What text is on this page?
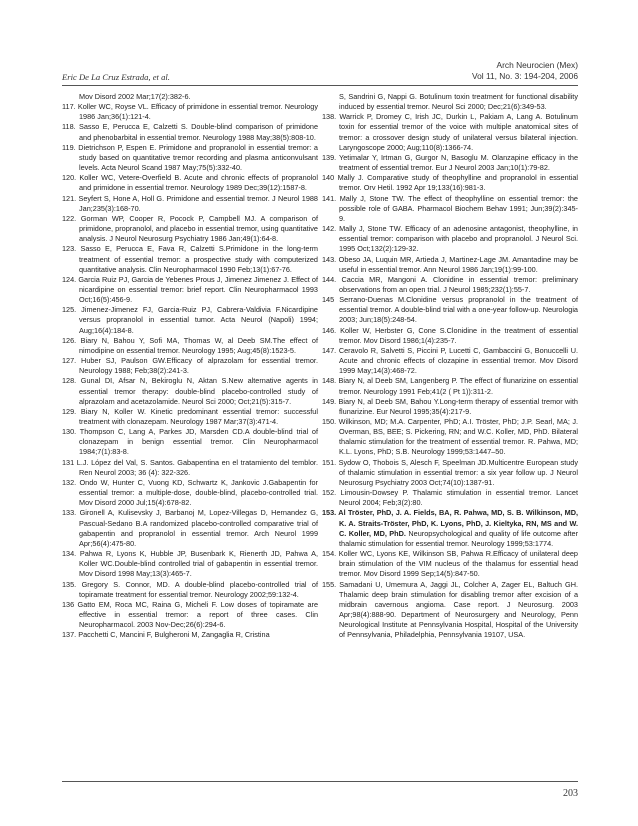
Eric De La Cruz Estrada, et al.
Arch Neurocien (Mex)
Vol 11, No. 3: 194-204, 2006

Mov Disord 2002 Mar;17(2):382-6.

117. Koller WC, Royse VL. Efficacy of primidone in essential tremor. Neurology 1986 Jan;36(1):121-4.

118. Sasso E, Perucca E, Calzetti S. Double-blind comparison of primidone and phenobarbital in essential tremor. Neurology 1988 May;38(5):808-10.

119. Dietrichson P, Espen E. Primidone and propranolol in essential tremor: a study based on quantitative tremor recording and plasma anticonvulsant levels. Acta Neurol Scand 1987 May;75(5):332-40.

120. Koller WC, Vetere-Overfield B. Acute and chronic effects of propranolol and primidone in essential tremor. Neurology 1989 Dec;39(12):1587-8.

121. Seyfert S, Hone A, Holl G. Primidone and essential tremor. J Neurol 1988 Jan;235(3):168-70.

122. Gorman WP, Cooper R, Pocock P, Campbell MJ. A comparison of primidone, propranolol, and placebo in essential tremor, using quantitative analysis. J Neurol Neurosurg Psychiatry 1986 Jan;49(1):64-8.

123. Sasso E, Perucca E, Fava R, Calzetti S.Primidone in the long-term treatment of essential tremor: a prospective study with computerized quantitative analysis. Clin Neuropharmacol 1990 Feb;13(1):67-76.

124. Garcia Ruiz PJ, Garcia de Yebenes Prous J, Jimenez Jimenez J. Effect of nicardipine on essential tremor: brief report. Clin Neuropharmacol 1993 Oct;16(5):456-9.

125. Jimenez-Jimenez FJ, Garcia-Ruiz PJ, Cabrera-Valdivia F.Nicardipine versus propranolol in essential tumor. Acta Neurol (Napoli) 1994; Aug;16(4):184-8.

126. Biary N, Bahou Y, Sofi MA, Thomas W, al Deeb SM.The effect of nimodipine on essential tremor. Neurology 1995; Aug;45(8):1523-5.

127. Huber SJ, Paulson GW.Efficacy of alprazolam for essential tremor. Neurology 1988; Feb;38(2):241-3.

128. Gunal DI, Afsar N, Bekiroglu N, Aktan S.New alternative agents in essential tremor therapy: double-blind placebo-controlled study of alprazolam and acetazolamide. Neurol Sci 2000; Oct;21(5):315-7.

129. Biary N, Koller W. Kinetic predominant essential tremor: successful treatment with clonazepam. Neurology 1987 Mar;37(3):471-4.

130. Thompson C, Lang A, Parkes JD, Marsden CD.A double-blind trial of clonazepam in benign essential tremor. Clin Neuropharmacol 1984;7(1):83-8.

131 L.J. López del Val, S. Santos. Gabapentina en el tratamiento del temblor. Ren Neurol 2003; 36 (4): 322-326.

132. Ondo W, Hunter C, Vuong KD, Schwartz K, Jankovic J.Gabapentin for essential tremor: a multiple-dose, double-blind, placebo-controlled trial. Mov Disord 2000 Jul;15(4):678-82.

133. Gironell A, Kulisevsky J, Barbanoj M, Lopez-Villegas D, Hernandez G, Pascual-Sedano B.A randomized placebo-controlled comparative trial of gabapentin and propranolol in essential tremor. Arch Neurol 1999 Apr;56(4):475-80.

134. Pahwa R, Lyons K, Hubble JP, Busenbark K, Rienerth JD, Pahwa A, Koller WC.Double-blind controlled trial of gabapentin in essential tremor. Mov Disord 1998 May;13(3):465-7.

135. Gregory S. Connor, MD. A double-blind placebo-controlled trial of topiramate treatment for essential tremor. Neurology 2002;59:132-4.

136 Gatto EM, Roca MC, Raina G, Micheli F. Low doses of topiramate are effective in essential tremor: a report of three cases. Clin Neuropharmacol. 2003 Nov-Dec;26(6):294-6.

137. Pacchetti C, Mancini F, Bulgheroni M, Zangaglia R, Cristina

S, Sandrini G, Nappi G. Botulinum toxin treatment for functional disability induced by essential tremor. Neurol Sci 2000; Dec;21(6):349-53.

138. Warrick P, Dromey C, Irish JC, Durkin L, Pakiam A, Lang A. Botulinum toxin for essential tremor of the voice with multiple anatomical sites of tremor: a crossover design study of unilateral versus bilateral injection. Laryngoscope 2000; Aug;110(8):1366-74.

139. Yetimalar Y, Irtman G, Gurgor N, Basoglu M. Olanzapine efficacy in the treatment of essential tremor. Eur J Neurol 2003 Jan;10(1):79-82.

140 Mally J. Comparative study of theophylline and propranolol in essential tremor. Orv Hetil. 1992 Apr 19;133(16):981-3.

141. Mally J, Stone TW. The effect of theophylline on essential tremor: the possible role of GABA. Pharmacol Biochem Behav 1991; Jun;39(2):345-9.

142. Mally J, Stone TW. Efficacy of an adenosine antagonist, theophylline, in essential tremor: comparison with placebo and propranolol. J Neurol Sci. 1995 Oct;132(2):129-32.

143. Obeso JA, Luquin MR, Artieda J, Martinez-Lage JM. Amantadine may be useful in essential tremor. Ann Neurol 1986 Jan;19(1):99-100.

144. Caccia MR, Mangoni A. Clonidine in essential tremor: preliminary observations from an open trial. J Neurol 1985;232(1):55-7.

145 Serrano-Duenas M.Clonidine versus propranolol in the treatment of essential tremor. A double-blind trial with a one-year follow-up. Neurologia 2003; Jun;18(5):248-54.

146. Koller W, Herbster G, Cone S.Clonidine in the treatment of essential tremor. Mov Disord 1986;1(4):235-7.

147. Ceravolo R, Salvetti S, Piccini P, Lucetti C, Gambaccini G, Bonuccelli U. Acute and chronic effects of clozapine in essential tremor. Mov Disord 1999 May;14(3):468-72.

148. Biary N, al Deeb SM, Langenberg P. The effect of flunarizine on essential tremor. Neurology 1991 Feb;41(2 ( Pt 1)):311-2.

149. Biary N, al Deeb SM, Bahou Y.Long-term therapy of essential tremor with flunarizine. Eur Neurol 1995;35(4):217-9.

150. Wilkinson, MD; M.A. Carpenter, PhD; A.I. Tröster, PhD; J.P. Searl, MA; J. Overman, BS, BEE; S. Pickering, RN; and W.C. Koller, MD, PhD. Bilateral thalamic stimulation for the treatment of essential tremor. R. Pahwa, MD; K.L. Lyons, PhD; S.B. Neurology 1999;53:1447–50.

151. Sydow O, Thobois S, Alesch F, Speelman JD.Multicentre European study of thalamic stimulation in essential tremor: a six year follow up. J Neurol Neurosurg Psychiatry 2003 Oct;74(10):1387-91.

152. Limousin-Dowsey P. Thalamic stimulation in essential tremor. Lancet Neurol 2004; Feb;3(2):80.

153. Al Tröster, PhD, J. A. Fields, BA, R. Pahwa, MD, S. B. Wilkinson, MD, K. A. Straits-Tröster, PhD, K. Lyons, PhD, J. Kieltyka, RN, MS and W. C. Koller, MD, PhD. Neuropsychological and quality of life outcome after thalamic stimulation for essential tremor. Neurology 1999;53:1774.

154. Koller WC, Lyons KE, Wilkinson SB, Pahwa R.Efficacy of unilateral deep brain stimulation of the VIM nucleus of the thalamus for essential head tremor. Mov Disord 1999 Sep;14(5):847-50.

155. Samadani U, Umemura A, Jaggi JL, Colcher A, Zager EL, Baltuch GH. Thalamic deep brain stimulation for disabling tremor after excision of a midbrain cavernous angioma. Case report. J Neurosurg. 2003 Apr;98(4):888-90. Department of Neurosurgery and Neurology, Penn Neurological Institute at Pennsylvania Hospital, Hospital of the University of Pennsylvania, Philadelphia, Pennsylvania 19107, USA.

203
